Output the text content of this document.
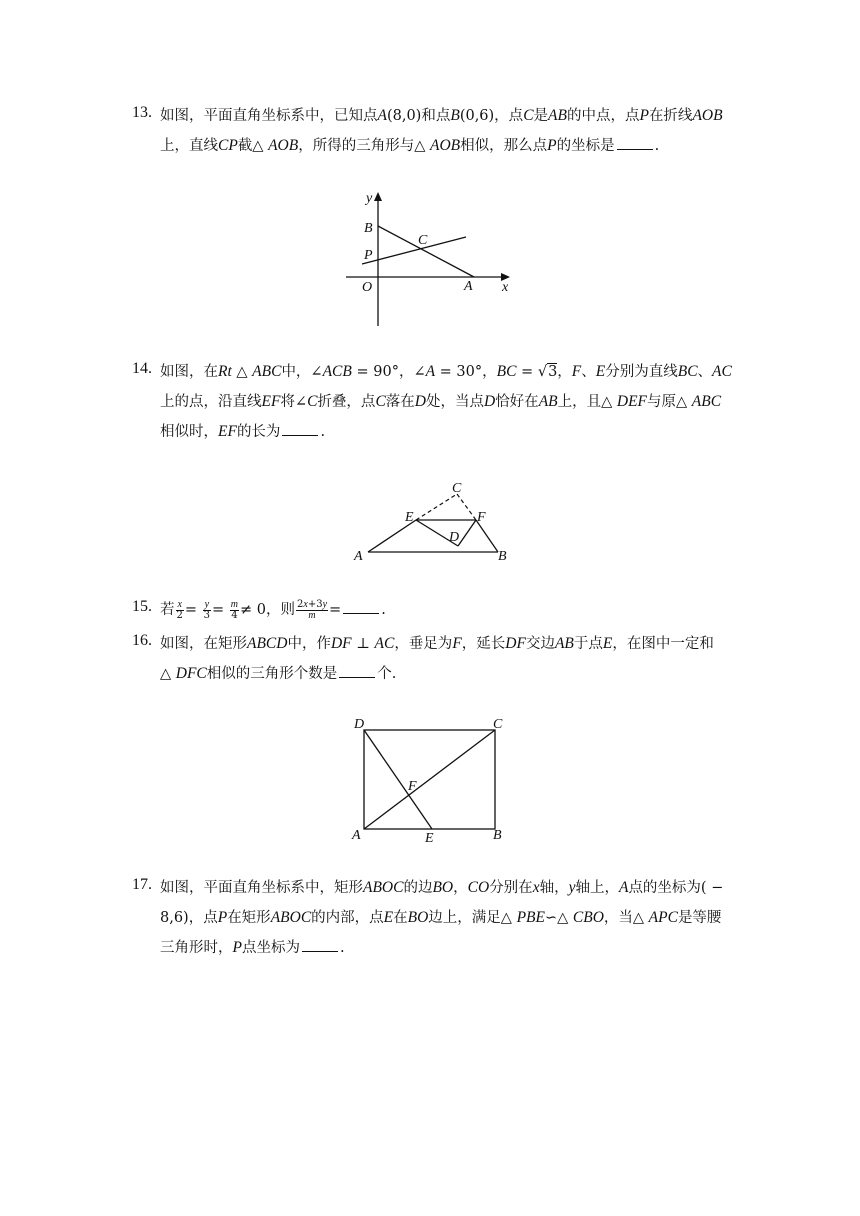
13. 如图，平面直角坐标系中，已知点A(8,0)和点B(0,6)，点C是AB的中点，点P在折线AOB
上，直线CP截△ AOB，所得的三角形与△ AOB相似，那么点P的坐标是	.
y
B
C
P
O	A x
14. 如图，在Rt △ ABC中，∠ACB = 90°，∠A = 30°，BC = √3，F、E分别为直线BC、AC
上的点，沿直线EF将∠C折叠，点C落在D处，当点D恰好在AB上，且△ DEF与原△ ABC
相似时，EF的长为	.
C
E	F
D
A	B
15. 若 $\frac{x}{2} = \frac{y}{3} = \frac{m}{4} \ne 0$，则 $\frac{2x+3y}{m}$ =	.
16. 如图，在矩形ABCD中，作DF ⊥ AC，垂足为F，延长DF交边AB于点E，在图中一定和
△ DFC相似的三角形个数是	个.
D	C
F
A	E	B
17. 如图，平面直角坐标系中，矩形ABOC的边BO，CO分别在x轴，y轴上，A点的坐标为( −
8,6)，点P在矩形ABOC的内部，点E在BO边上，满足△ PBE∽△ CBO，当△ APC是等腰
三角形时，P点坐标为	.
